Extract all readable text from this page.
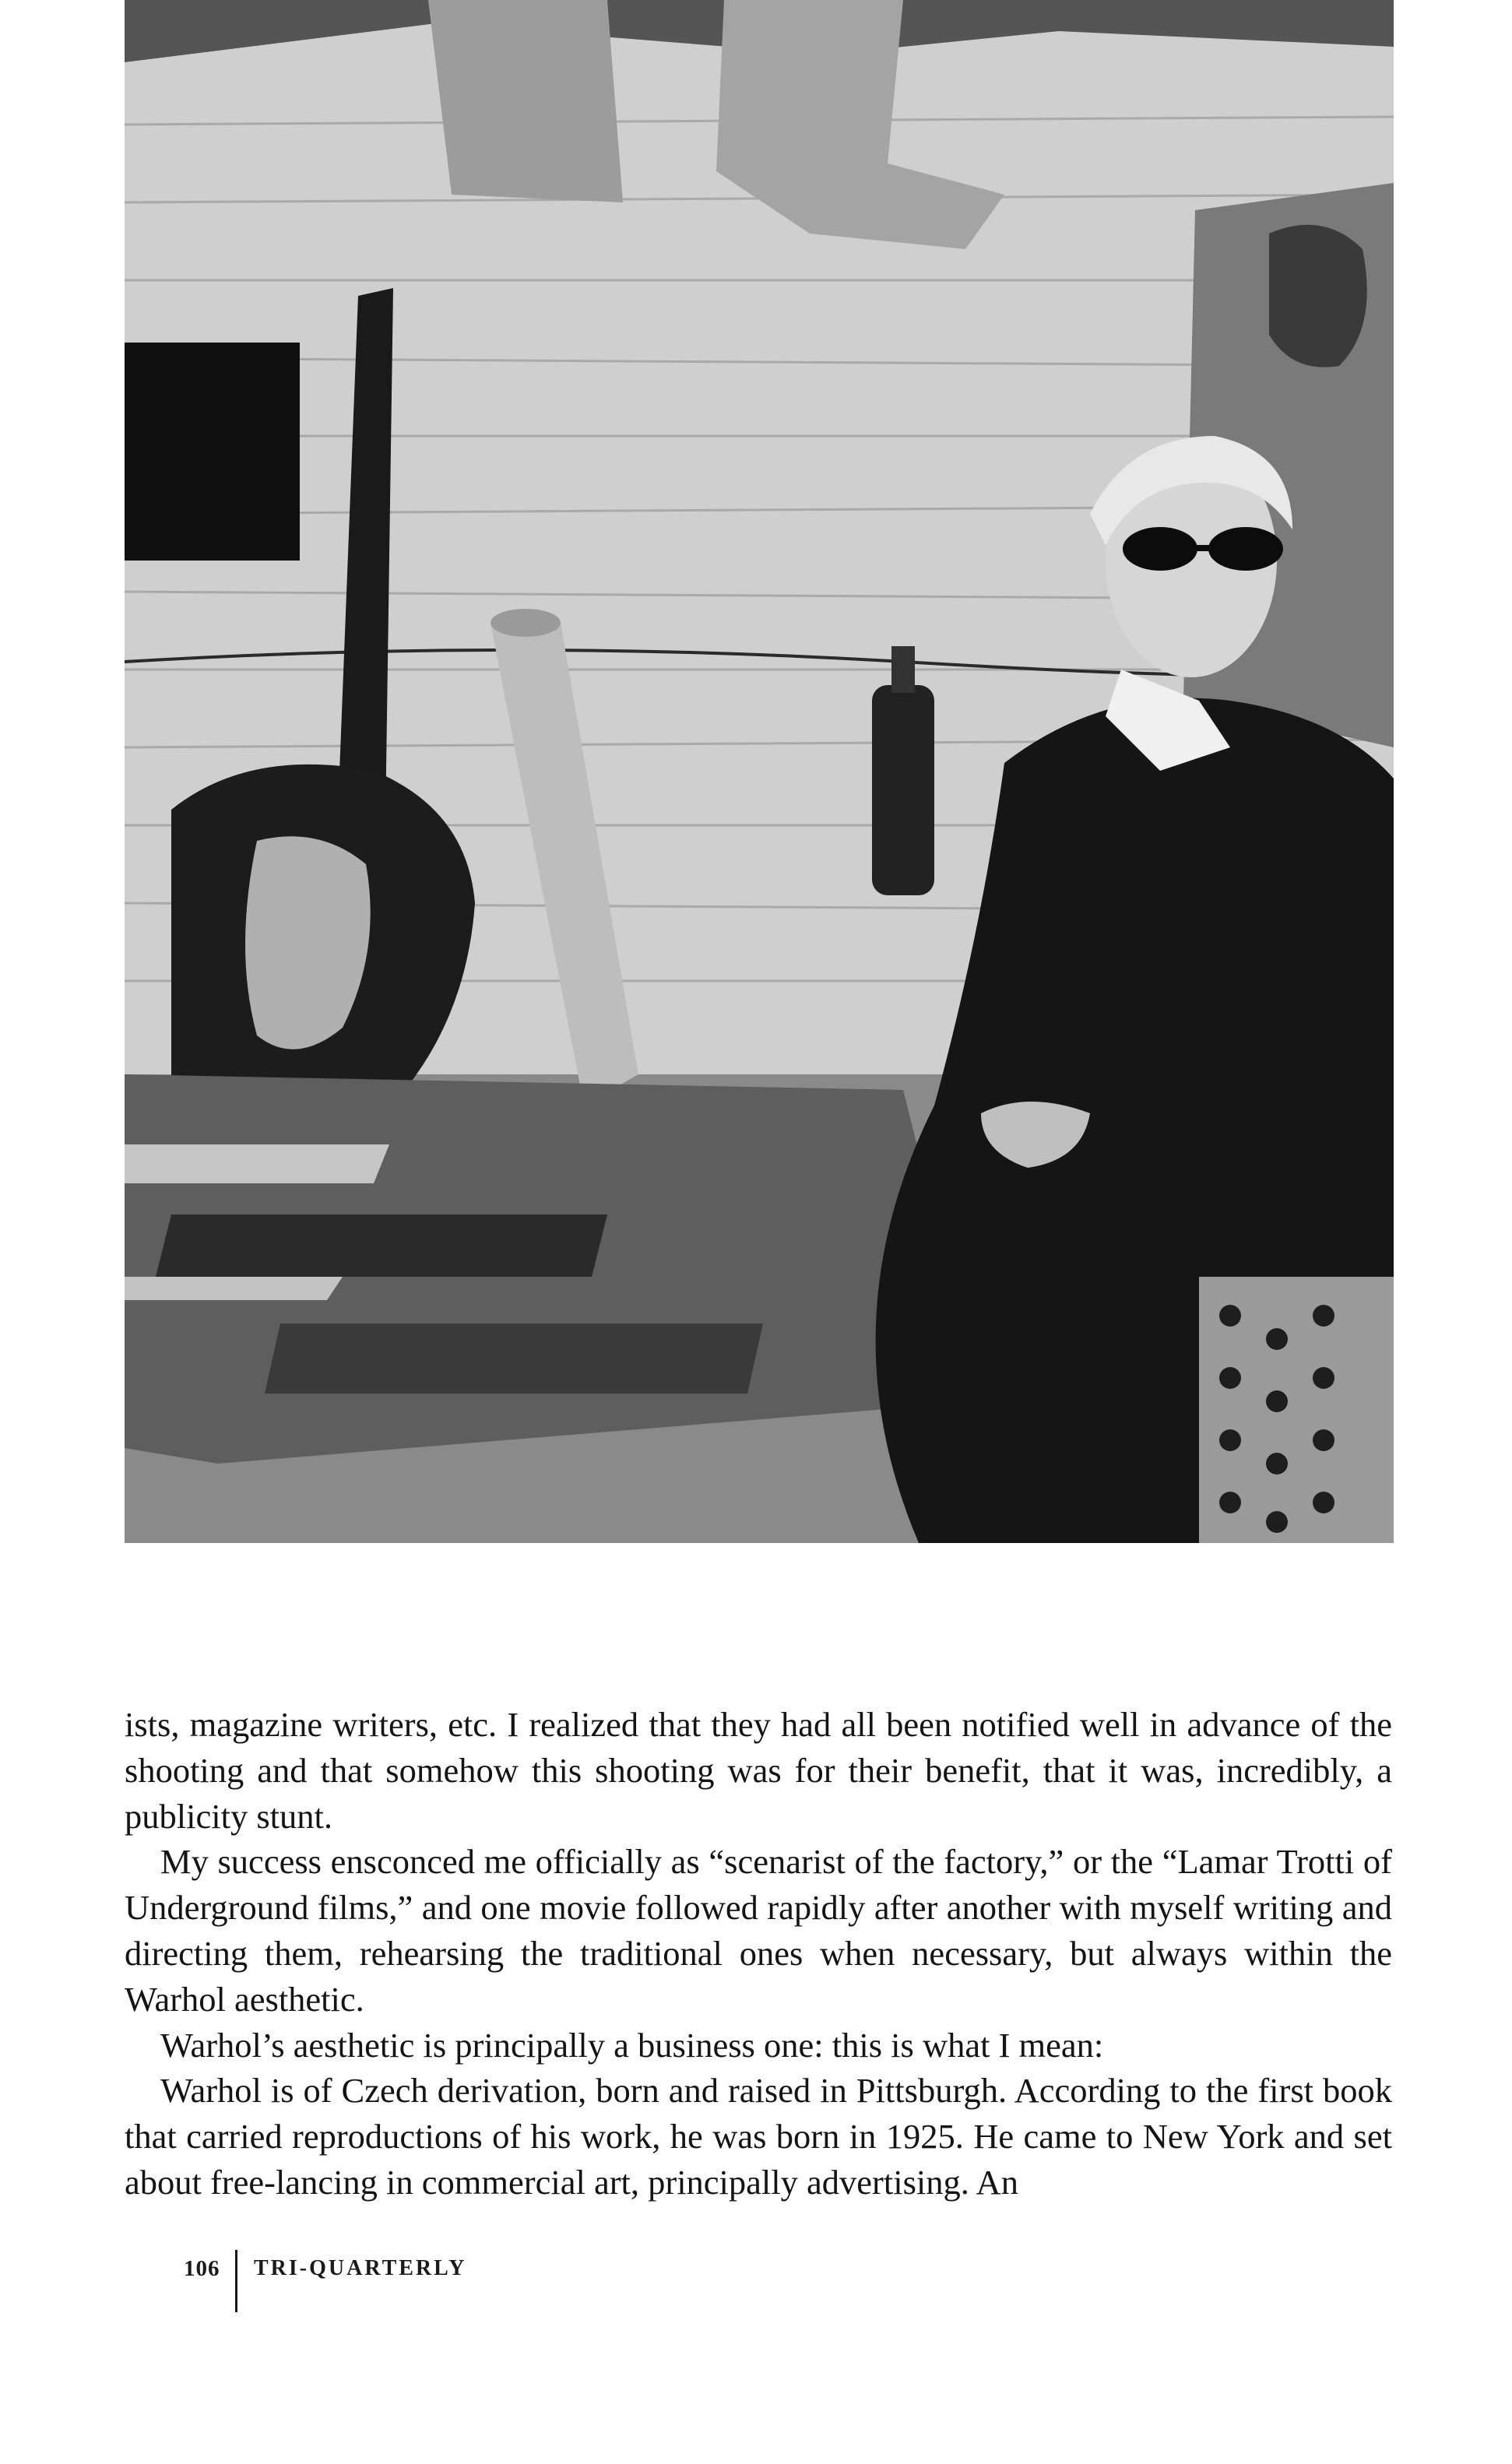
ists, magazine writers, etc. I realized that they had all been notified well in advance of the shooting and that somehow this shooting was for their benefit, that it was, incredibly, a publicity stunt.

My success ensconced me officially as “scenarist of the factory,” or the “Lamar Trotti of Underground films,” and one movie followed rapidly after another with myself writing and directing them, rehearsing the traditional ones when necessary, but always within the Warhol aesthetic.

Warhol’s aesthetic is principally a business one: this is what I mean:

Warhol is of Czech derivation, born and raised in Pittsburgh. According to the first book that carried reproductions of his work, he was born in 1925. He came to New York and set about free-lancing in commercial art, principally advertising. An

106 TRI-QUARTERLY
